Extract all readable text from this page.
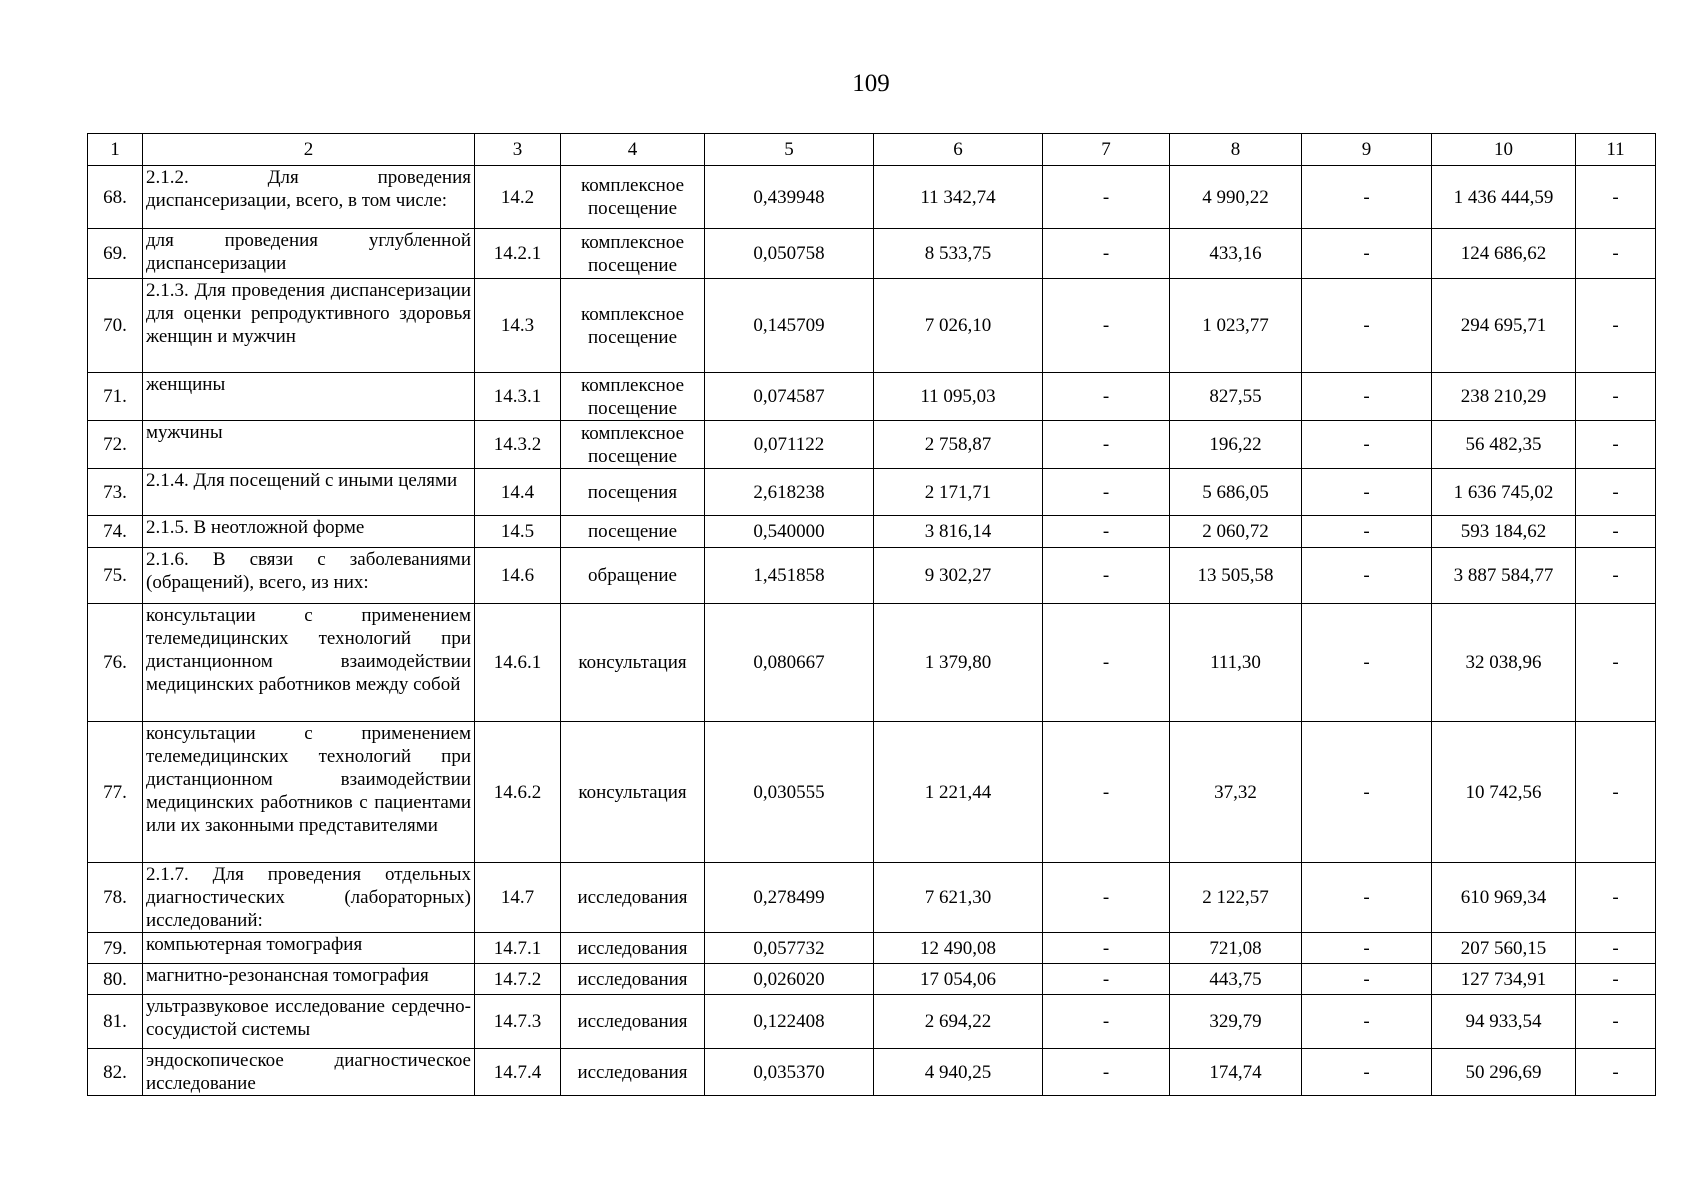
109
1	2	3	4	5	6	7	8	9	10	11
68.	2.1.2. Для проведения диспансеризации, всего, в том числе:	14.2	комплексное посещение	0,439948	11 342,74	-	4 990,22	-	1 436 444,59	-
69.	для проведения углубленной диспансеризации	14.2.1	комплексное посещение	0,050758	8 533,75	-	433,16	-	124 686,62	-
70.	2.1.3. Для проведения диспансеризации для оценки репродуктивного здоровья женщин и мужчин	14.3	комплексное посещение	0,145709	7 026,10	-	1 023,77	-	294 695,71	-
71.	женщины	14.3.1	комплексное посещение	0,074587	11 095,03	-	827,55	-	238 210,29	-
72.	мужчины	14.3.2	комплексное посещение	0,071122	2 758,87	-	196,22	-	56 482,35	-
73.	2.1.4. Для посещений с иными целями	14.4	посещения	2,618238	2 171,71	-	5 686,05	-	1 636 745,02	-
74.	2.1.5. В неотложной форме	14.5	посещение	0,540000	3 816,14	-	2 060,72	-	593 184,62	-
75.	2.1.6. В связи с заболеваниями (обращений), всего, из них:	14.6	обращение	1,451858	9 302,27	-	13 505,58	-	3 887 584,77	-
76.	консультации с применением телемедицинских технологий при дистанционном взаимодействии медицинских работников между собой	14.6.1	консультация	0,080667	1 379,80	-	111,30	-	32 038,96	-
77.	консультации с применением телемедицинских технологий при дистанционном взаимодействии медицинских работников с пациентами или их законными представителями	14.6.2	консультация	0,030555	1 221,44	-	37,32	-	10 742,56	-
78.	2.1.7. Для проведения отдельных диагностических (лабораторных) исследований:	14.7	исследования	0,278499	7 621,30	-	2 122,57	-	610 969,34	-
79.	компьютерная томография	14.7.1	исследования	0,057732	12 490,08	-	721,08	-	207 560,15	-
80.	магнитно-резонансная томография	14.7.2	исследования	0,026020	17 054,06	-	443,75	-	127 734,91	-
81.	ультразвуковое исследование сердечно-сосудистой системы	14.7.3	исследования	0,122408	2 694,22	-	329,79	-	94 933,54	-
82.	эндоскопическое диагностическое исследование	14.7.4	исследования	0,035370	4 940,25	-	174,74	-	50 296,69	-
